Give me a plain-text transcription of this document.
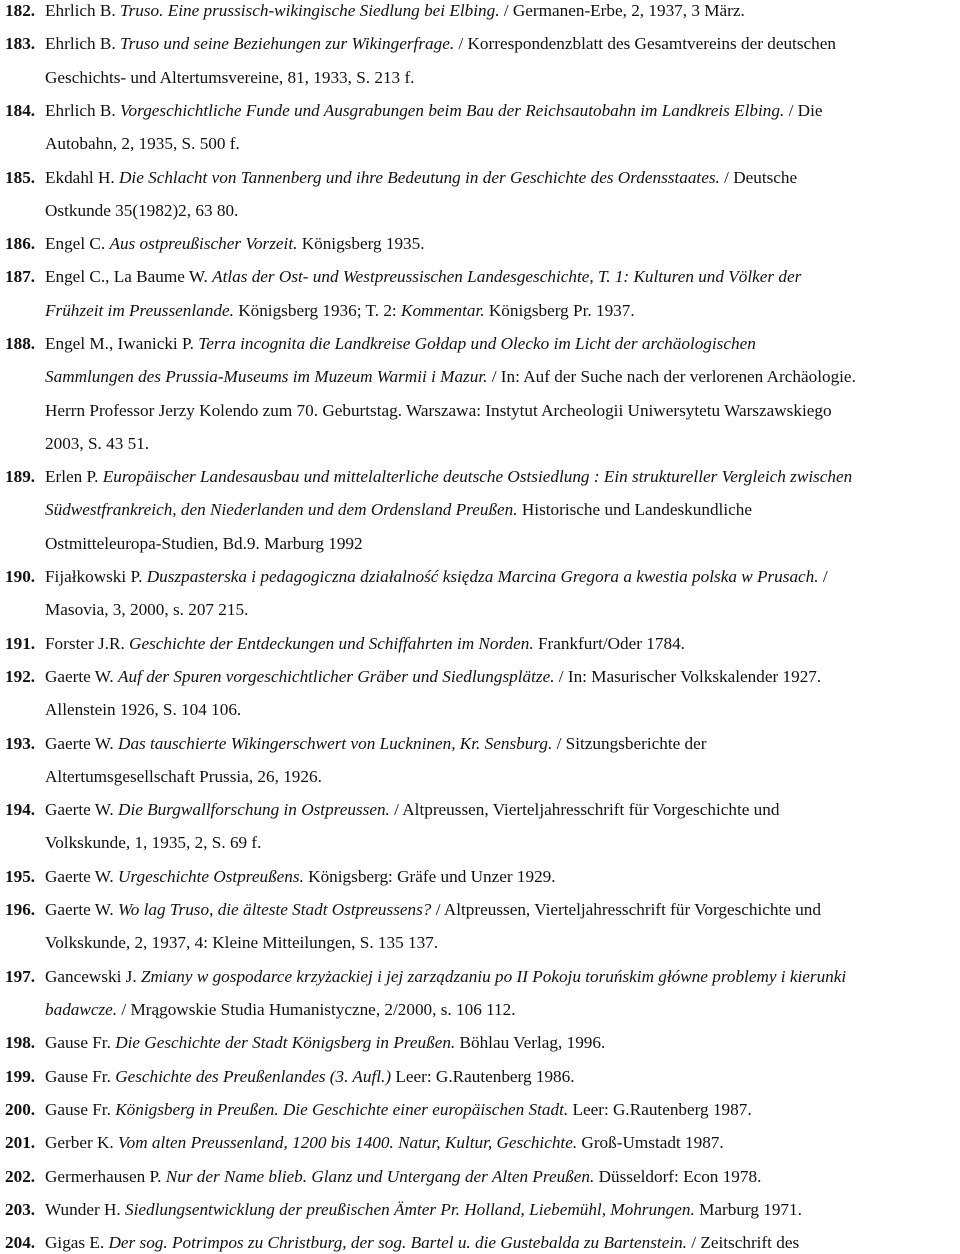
182. Ehrlich B. Truso. Eine prussisch-wikingische Siedlung bei Elbing. / Germanen-Erbe, 2, 1937, 3 März.
183. Ehrlich B. Truso und seine Beziehungen zur Wikingerfrage. / Korrespondenzblatt des Gesamtvereins der deutschen
Geschichts- und Altertumsvereine, 81, 1933, S. 213 f.
184. Ehrlich B. Vorgeschichtliche Funde und Ausgrabungen beim Bau der Reichsautobahn im Landkreis Elbing. / Die
Autobahn, 2, 1935, S. 500 f.
185. Ekdahl H. Die Schlacht von Tannenberg und ihre Bedeutung in der Geschichte des Ordensstaates. / Deutsche
Ostkunde 35(1982)2, 63 80.
186. Engel C. Aus ostpreußischer Vorzeit. Königsberg 1935.
187. Engel C., La Baume W. Atlas der Ost- und Westpreussischen Landesgeschichte, T. 1: Kulturen und Völker der
Frühzeit im Preussenlande. Königsberg 1936; T. 2: Kommentar. Königsberg Pr. 1937.
188. Engel M., Iwanicki P. Terra incognita die Landkreise Gołdap und Olecko im Licht der archäologischen
Sammlungen des Prussia-Museums im Muzeum Warmii i Mazur. / In: Auf der Suche nach der verlorenen Archäologie.
Herrn Professor Jerzy Kolendo zum 70. Geburtstag. Warszawa: Instytut Archeologii Uniwersytetu Warszawskiego
2003, S. 43 51.
189. Erlen P. Europäischer Landesausbau und mittelalterliche deutsche Ostsiedlung : Ein struktureller Vergleich zwischen
Südwestfrankreich, den Niederlanden und dem Ordensland Preußen. Historische und Landeskundliche
Ostmitteleuropa-Studien, Bd.9. Marburg 1992
190. Fijałkowski P. Duszpasterska i pedagogiczna działalność księdza Marcina Gregora a kwestia polska w Prusach. /
Masovia, 3, 2000, s. 207 215.
191. Forster J.R. Geschichte der Entdeckungen und Schiffahrten im Norden. Frankfurt/Oder 1784.
192. Gaerte W. Auf der Spuren vorgeschichtlicher Gräber und Siedlungsplätze. / In: Masurischer Volkskalender 1927.
Allenstein 1926, S. 104 106.
193. Gaerte W. Das tauschierte Wikingerschwert von Luckninen, Kr. Sensburg. / Sitzungsberichte der
Altertumsgesellschaft Prussia, 26, 1926.
194. Gaerte W. Die Burgwallforschung in Ostpreussen. / Altpreussen, Vierteljahresschrift für Vorgeschichte und
Volkskunde, 1, 1935, 2, S. 69 f.
195. Gaerte W. Urgeschichte Ostpreußens. Königsberg: Gräfe und Unzer 1929.
196. Gaerte W. Wo lag Truso, die älteste Stadt Ostpreussens? / Altpreussen, Vierteljahresschrift für Vorgeschichte und
Volkskunde, 2, 1937, 4: Kleine Mitteilungen, S. 135 137.
197. Gancewski J. Zmiany w gospodarce krzyżackiej i jej zarządzaniu po II Pokoju toruńskim główne problemy i kierunki
badawcze. / Mrągowskie Studia Humanistyczne, 2/2000, s. 106 112.
198. Gause Fr. Die Geschichte der Stadt Königsberg in Preußen. Böhlau Verlag, 1996.
199. Gause Fr. Geschichte des Preußenlandes (3. Aufl.) Leer: G.Rautenberg 1986.
200. Gause Fr. Königsberg in Preußen. Die Geschichte einer europäischen Stadt. Leer: G.Rautenberg 1987.
201. Gerber K. Vom alten Preussenland, 1200 bis 1400. Natur, Kultur, Geschichte. Groß-Umstadt 1987.
202. Germerhausen P. Nur der Name blieb. Glanz und Untergang der Alten Preußen. Düsseldorf: Econ 1978.
203. Wunder H. Siedlungsentwicklung der preußischen Ämter Pr. Holland, Liebemühl, Mohrungen. Marburg 1971.
204. Gigas E. Der sog. Potrimpos zu Christburg, der sog. Bartel u. die Gustebalda zu Bartenstein. / Zeitschrift des
